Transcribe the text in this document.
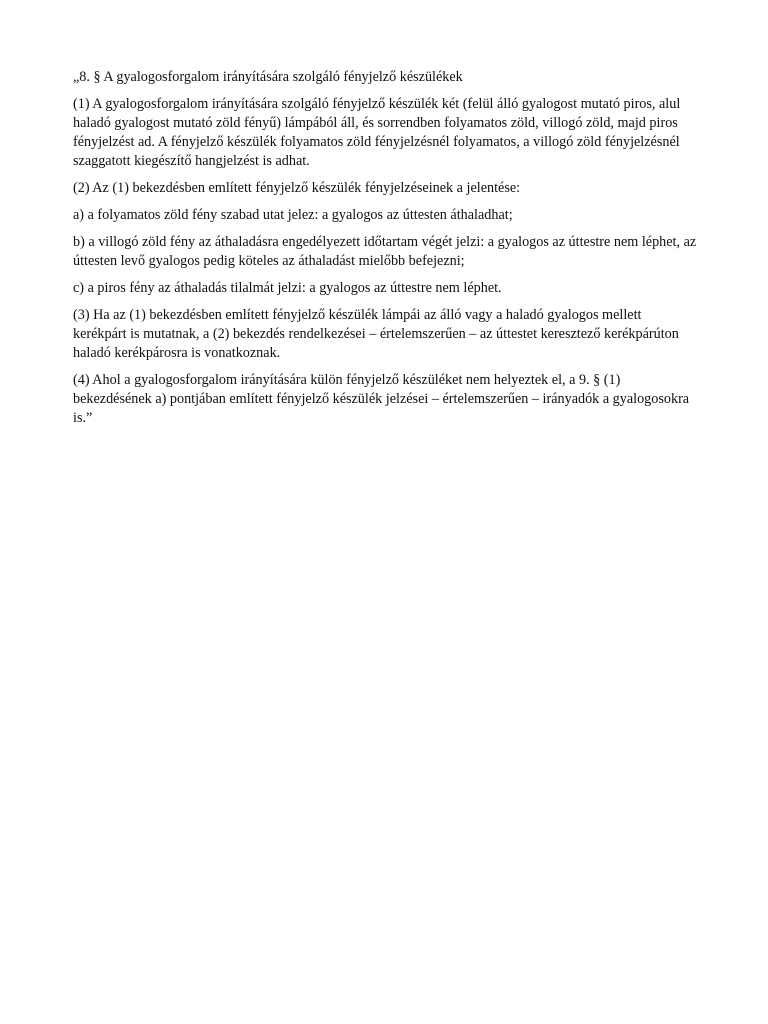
„8. § A gyalogosforgalom irányítására szolgáló fényjelző készülékek

(1) A gyalogosforgalom irányítására szolgáló fényjelző készülék két (felül álló gyalogost mutató piros, alul haladó gyalogost mutató zöld fényű) lámpából áll, és sorrendben folyamatos zöld, villogó zöld, majd piros fényjelzést ad. A fényjelző készülék folyamatos zöld fényjelzésnél folyamatos, a villogó zöld fényjelzésnél szaggatott kiegészítő hangjelzést is adhat.

(2) Az (1) bekezdésben említett fényjelző készülék fényjelzéseinek a jelentése:

a) a folyamatos zöld fény szabad utat jelez: a gyalogos az úttesten áthaladhat;

b) a villogó zöld fény az áthaladásra engedélyezett időtartam végét jelzi: a gyalogos az úttestre nem léphet, az úttesten levő gyalogos pedig köteles az áthaladást mielőbb befejezni;

c) a piros fény az áthaladás tilalmát jelzi: a gyalogos az úttestre nem léphet.

(3) Ha az (1) bekezdésben említett fényjelző készülék lámpái az álló vagy a haladó gyalogos mellett kerékpárt is mutatnak, a (2) bekezdés rendelkezései – értelemszerűen – az úttestet keresztező kerékpárúton haladó kerékpárosra is vonatkoznak.

(4) Ahol a gyalogosforgalom irányítására külön fényjelző készüléket nem helyeztek el, a 9. § (1) bekezdésének a) pontjában említett fényjelző készülék jelzései – értelemszerűen – irányadók a gyalogosokra is.”
